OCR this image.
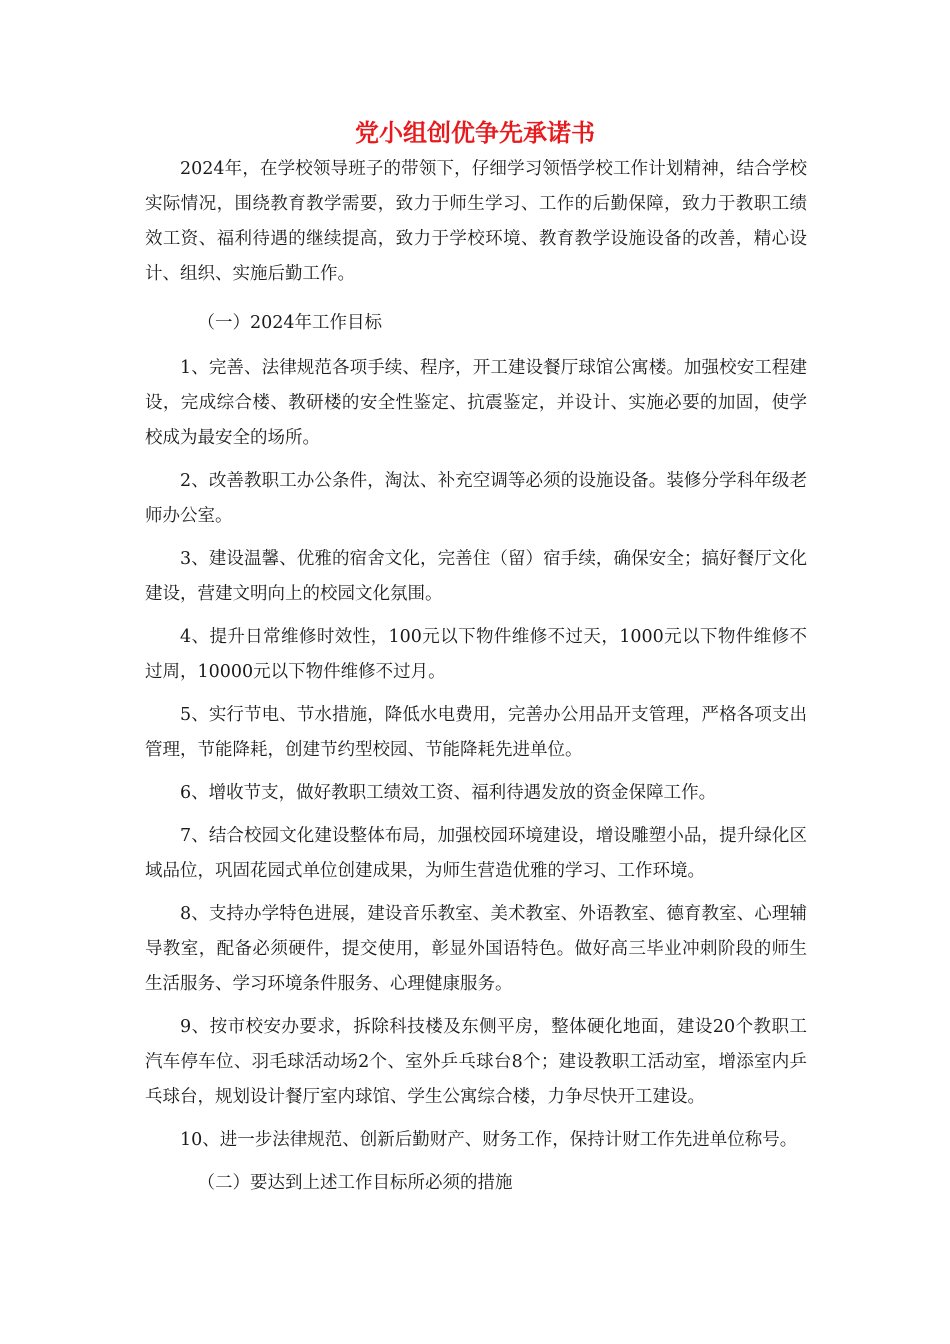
党小组创优争先承诺书

2024年，在学校领导班子的带领下，仔细学习领悟学校工作计划精神，结合学校实际情况，围绕教育教学需要，致力于师生学习、工作的后勤保障，致力于教职工绩效工资、福利待遇的继续提高，致力于学校环境、教育教学设施设备的改善，精心设计、组织、实施后勤工作。

（一）2024年工作目标

1、完善、法律规范各项手续、程序，开工建设餐厅球馆公寓楼。加强校安工程建设，完成综合楼、教研楼的安全性鉴定、抗震鉴定，并设计、实施必要的加固，使学校成为最安全的场所。

2、改善教职工办公条件，淘汰、补充空调等必须的设施设备。装修分学科年级老师办公室。

3、建设温馨、优雅的宿舍文化，完善住（留）宿手续，确保安全；搞好餐厅文化建设，营建文明向上的校园文化氛围。

4、提升日常维修时效性，100元以下物件维修不过天，1000元以下物件维修不过周，10000元以下物件维修不过月。

5、实行节电、节水措施，降低水电费用，完善办公用品开支管理，严格各项支出管理，节能降耗，创建节约型校园、节能降耗先进单位。

6、增收节支，做好教职工绩效工资、福利待遇发放的资金保障工作。

7、结合校园文化建设整体布局，加强校园环境建设，增设雕塑小品，提升绿化区域品位，巩固花园式单位创建成果，为师生营造优雅的学习、工作环境。

8、支持办学特色进展，建设音乐教室、美术教室、外语教室、德育教室、心理辅导教室，配备必须硬件，提交使用，彰显外国语特色。做好高三毕业冲刺阶段的师生生活服务、学习环境条件服务、心理健康服务。

9、按市校安办要求，拆除科技楼及东侧平房，整体硬化地面，建设20个教职工汽车停车位、羽毛球活动场2个、室外乒乓球台8个；建设教职工活动室，增添室内乒乓球台，规划设计餐厅室内球馆、学生公寓综合楼，力争尽快开工建设。

10、进一步法律规范、创新后勤财产、财务工作，保持计财工作先进单位称号。

（二）要达到上述工作目标所必须的措施
